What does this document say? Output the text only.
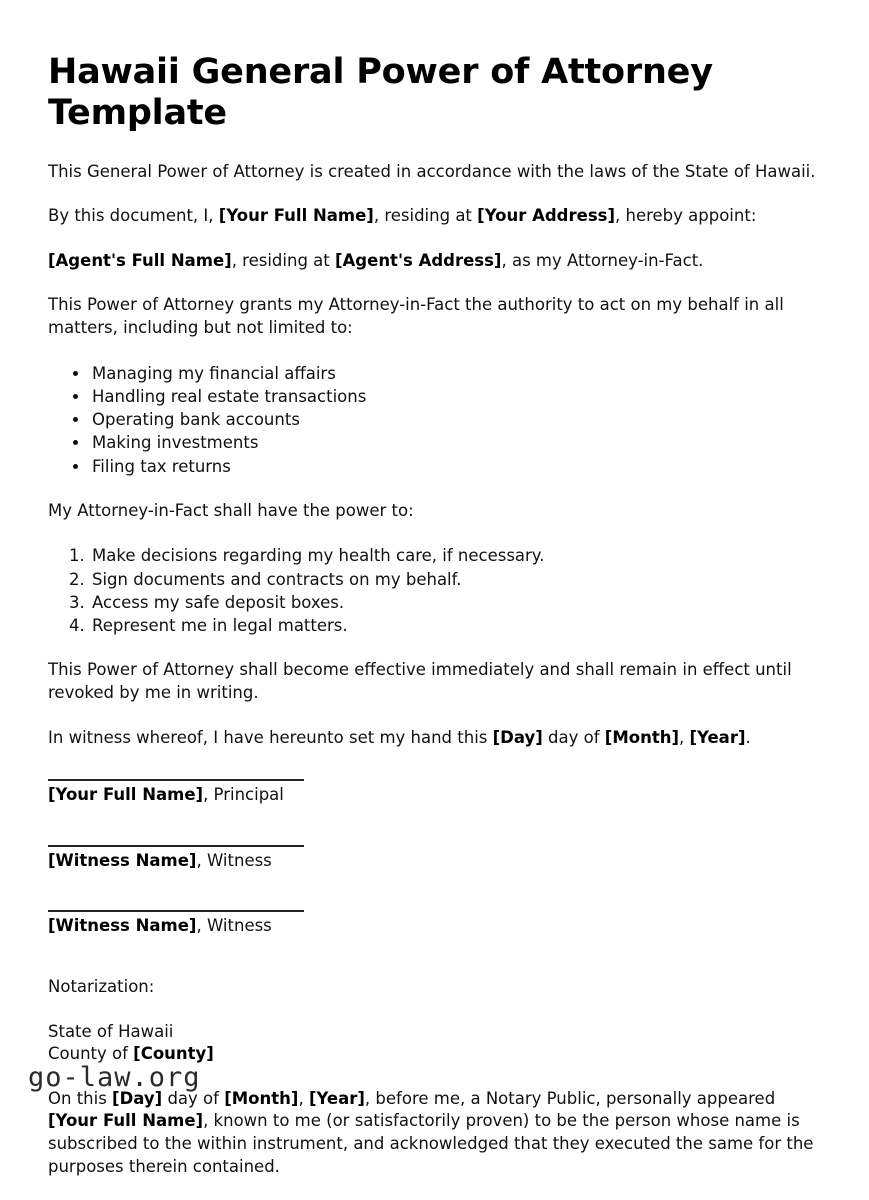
Hawaii General Power of Attorney Template

This General Power of Attorney is created in accordance with the laws of the State of Hawaii.

By this document, I, [Your Full Name], residing at [Your Address], hereby appoint:

[Agent's Full Name], residing at [Agent's Address], as my Attorney-in-Fact.

This Power of Attorney grants my Attorney-in-Fact the authority to act on my behalf in all matters, including but not limited to:

• Managing my financial affairs
• Handling real estate transactions
• Operating bank accounts
• Making investments
• Filing tax returns

My Attorney-in-Fact shall have the power to:

1. Make decisions regarding my health care, if necessary.
2. Sign documents and contracts on my behalf.
3. Access my safe deposit boxes.
4. Represent me in legal matters.

This Power of Attorney shall become effective immediately and shall remain in effect until revoked by me in writing.

In witness whereof, I have hereunto set my hand this [Day] day of [Month], [Year].

[Your Full Name], Principal
[Witness Name], Witness
[Witness Name], Witness

Notarization:

State of Hawaii
County of [County]

On this [Day] day of [Month], [Year], before me, a Notary Public, personally appeared [Your Full Name], known to me (or satisfactorily proven) to be the person whose name is subscribed to the within instrument, and acknowledged that they executed the same for the purposes therein contained.

go-law.org
